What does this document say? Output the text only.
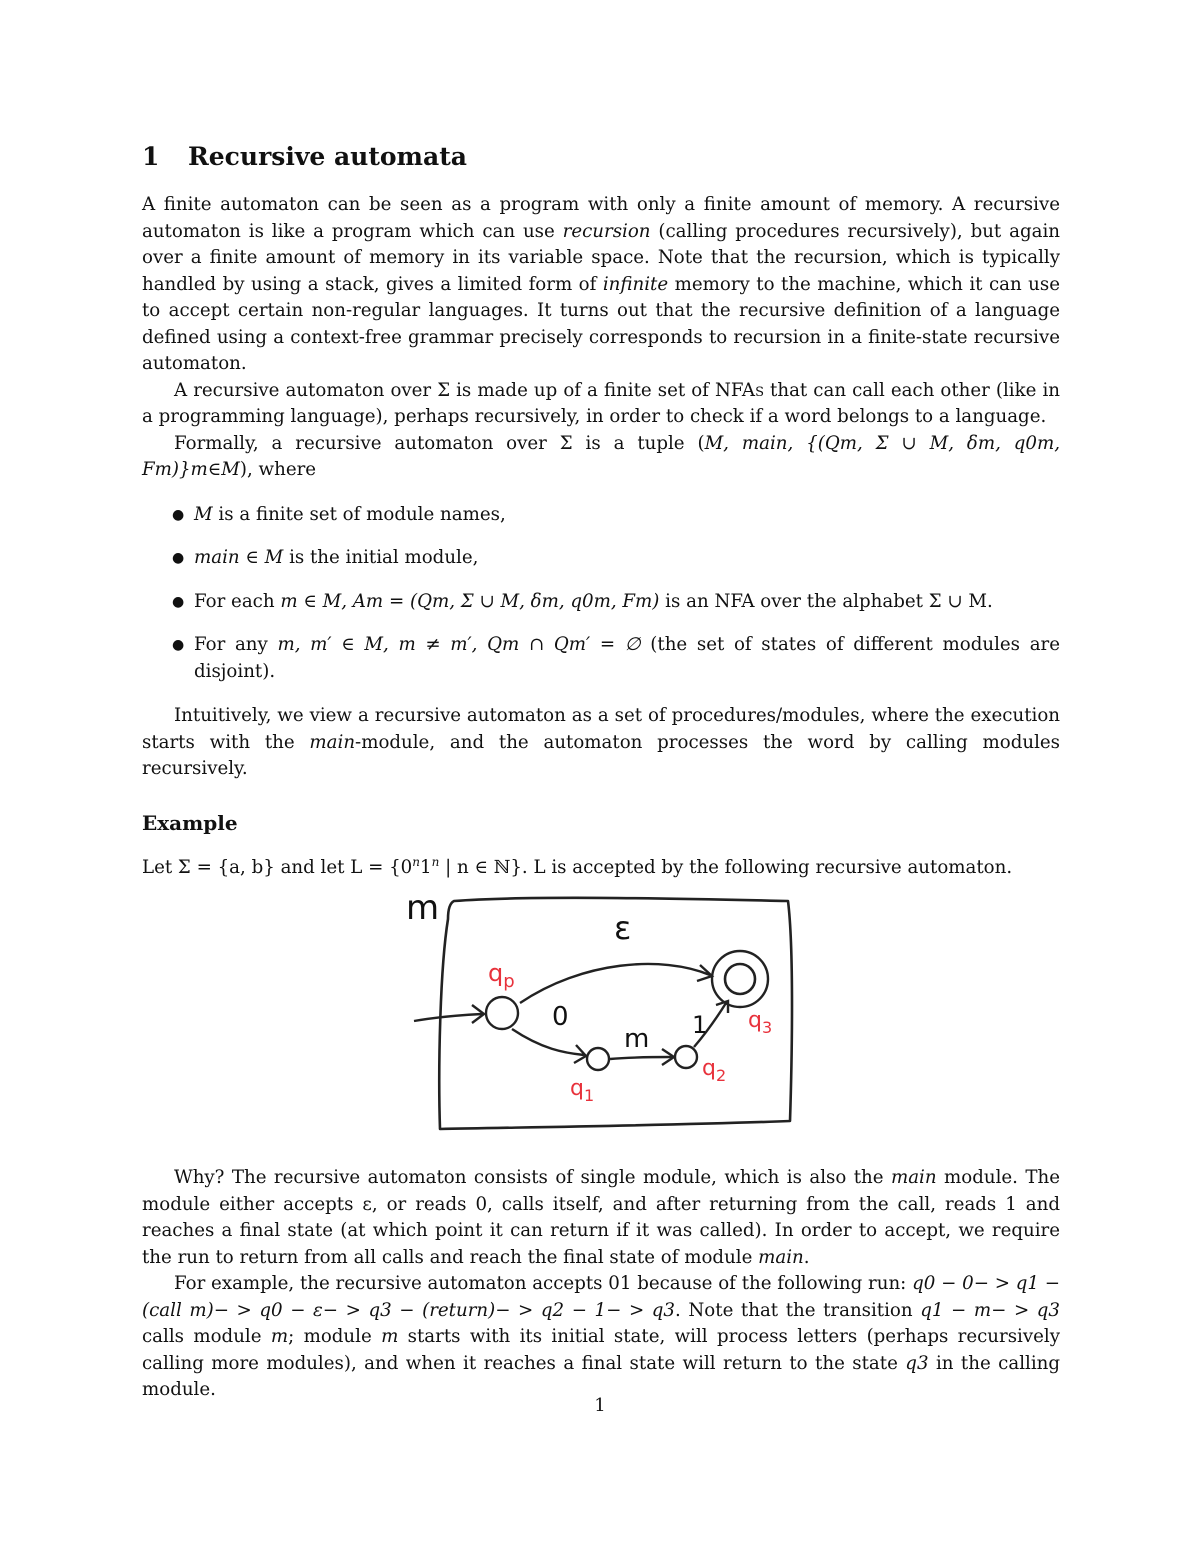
1 Recursive automata

A finite automaton can be seen as a program with only a finite amount of memory. A recursive automaton is like a program which can use recursion (calling procedures recursively), but again over a finite amount of memory in its variable space. Note that the recursion, which is typically handled by using a stack, gives a limited form of infinite memory to the machine, which it can use to accept certain non-regular languages. It turns out that the recursive definition of a language defined using a context-free grammar precisely corresponds to recursion in a finite-state recursive automaton.

A recursive automaton over Σ is made up of a finite set of NFAs that can call each other (like in a programming language), perhaps recursively, in order to check if a word belongs to a language.

Formally, a recursive automaton over Σ is a tuple (M, main, {(Qm, Σ ∪ M, δm, q0m, Fm)}m∈M), where

● M is a finite set of module names,
● main ∈ M is the initial module,
● For each m ∈ M, Am = (Qm, Σ ∪ M, δm, q0m, Fm) is an NFA over the alphabet Σ ∪ M.
● For any m, m′ ∈ M, m ≠ m′, Qm ∩ Qm′ = ∅ (the set of states of different modules are disjoint).

Intuitively, we view a recursive automaton as a set of procedures/modules, where the execution starts with the main-module, and the automaton processes the word by calling modules recursively.

Example

Let Σ = {a, b} and let $L = \{0^n1^n$ | n ∈ ℕ}. L is accepted by the following recursive automaton.

m
$q_p$
$q_3$
ε
$q_1$
0
$q_2$
m 1

Why? The recursive automaton consists of single module, which is also the main module. The module either accepts ε, or reads 0, calls itself, and after returning from the call, reads 1 and reaches a final state (at which point it can return if it was called). In order to accept, we require the run to return from all calls and reach the final state of module main.

For example, the recursive automaton accepts 01 because of the following run: q0 − 0− > q1 − (call m)− > q0 − ε− > q3 − (return)− > q2 − 1− > q3. Note that the transition q1 − m− > q3 calls module m; module m starts with its initial state, will process letters (perhaps recursively calling more modules), and when it reaches a final state will return to the state q3 in the calling module.

1
